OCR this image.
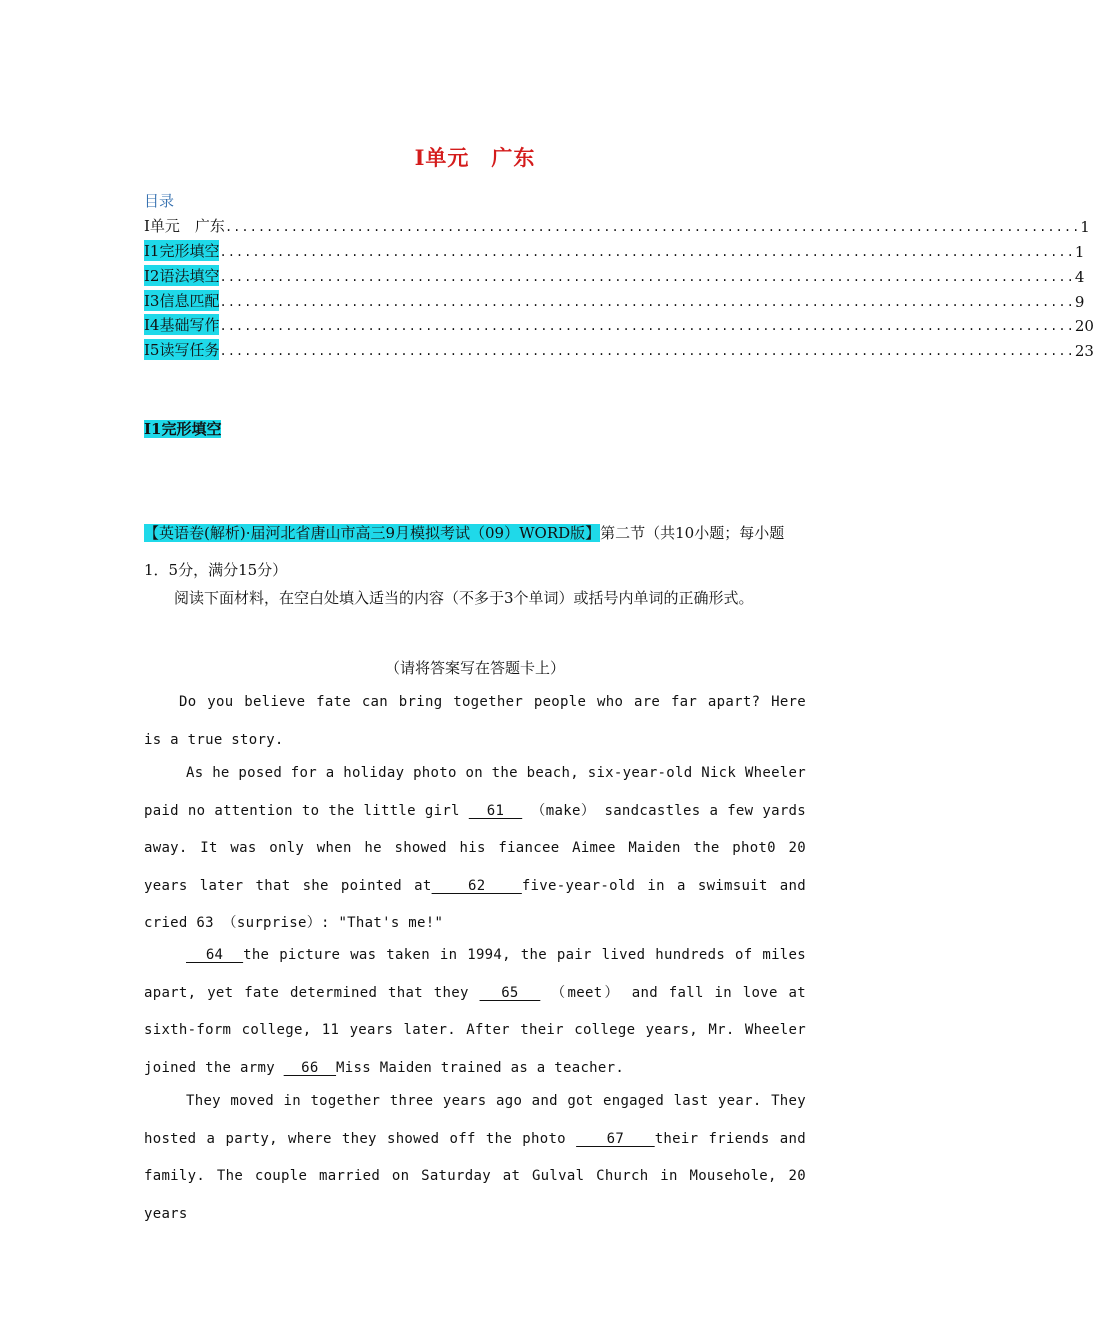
I单元　广东
目录
I单元　广东 ........................................................................................................ 1
I1完形填空 ........................................................................................................ 1
I2语法填空 ........................................................................................................ 4
I3信息匹配 ........................................................................................................ 9
I4基础写作 ........................................................................................................ 20
I5读写任务 ........................................................................................................ 23
I1完形填空
【英语卷(解析)·届河北省唐山市高三9月模拟考试（09）WORD版】第二节（共10小题；每小题1．5分，满分15分）
阅读下面材料，在空白处填入适当的内容（不多于3个单词）或括号内单词的正确形式。
（请将答案写在答题卡上）
Do you believe fate can bring together people who are far apart? Here is a true story.
As he posed for a holiday photo on the beach, six-year-old Nick Wheeler paid no attention to the little girl   61   （make） sandcastles a few yards away. It was only when he showed his fiancee Aimee Maiden the phot0 20 years later that she pointed at   62   five-year-old in a swimsuit and cried 63 （surprise）: "That's me!"
64  the picture was taken in 1994, the pair lived hundreds of miles apart, yet fate determined that they   65   （meet） and fall in love at sixth-form college, 11 years later. After their college years, Mr. Wheeler joined the army   66  Miss Maiden trained as a teacher.
They moved in together three years ago and got engaged last year. They hosted a party, where they showed off the photo    67   their friends and family. The couple married on Saturday at Gulval Church in Mousehole, 20 years
